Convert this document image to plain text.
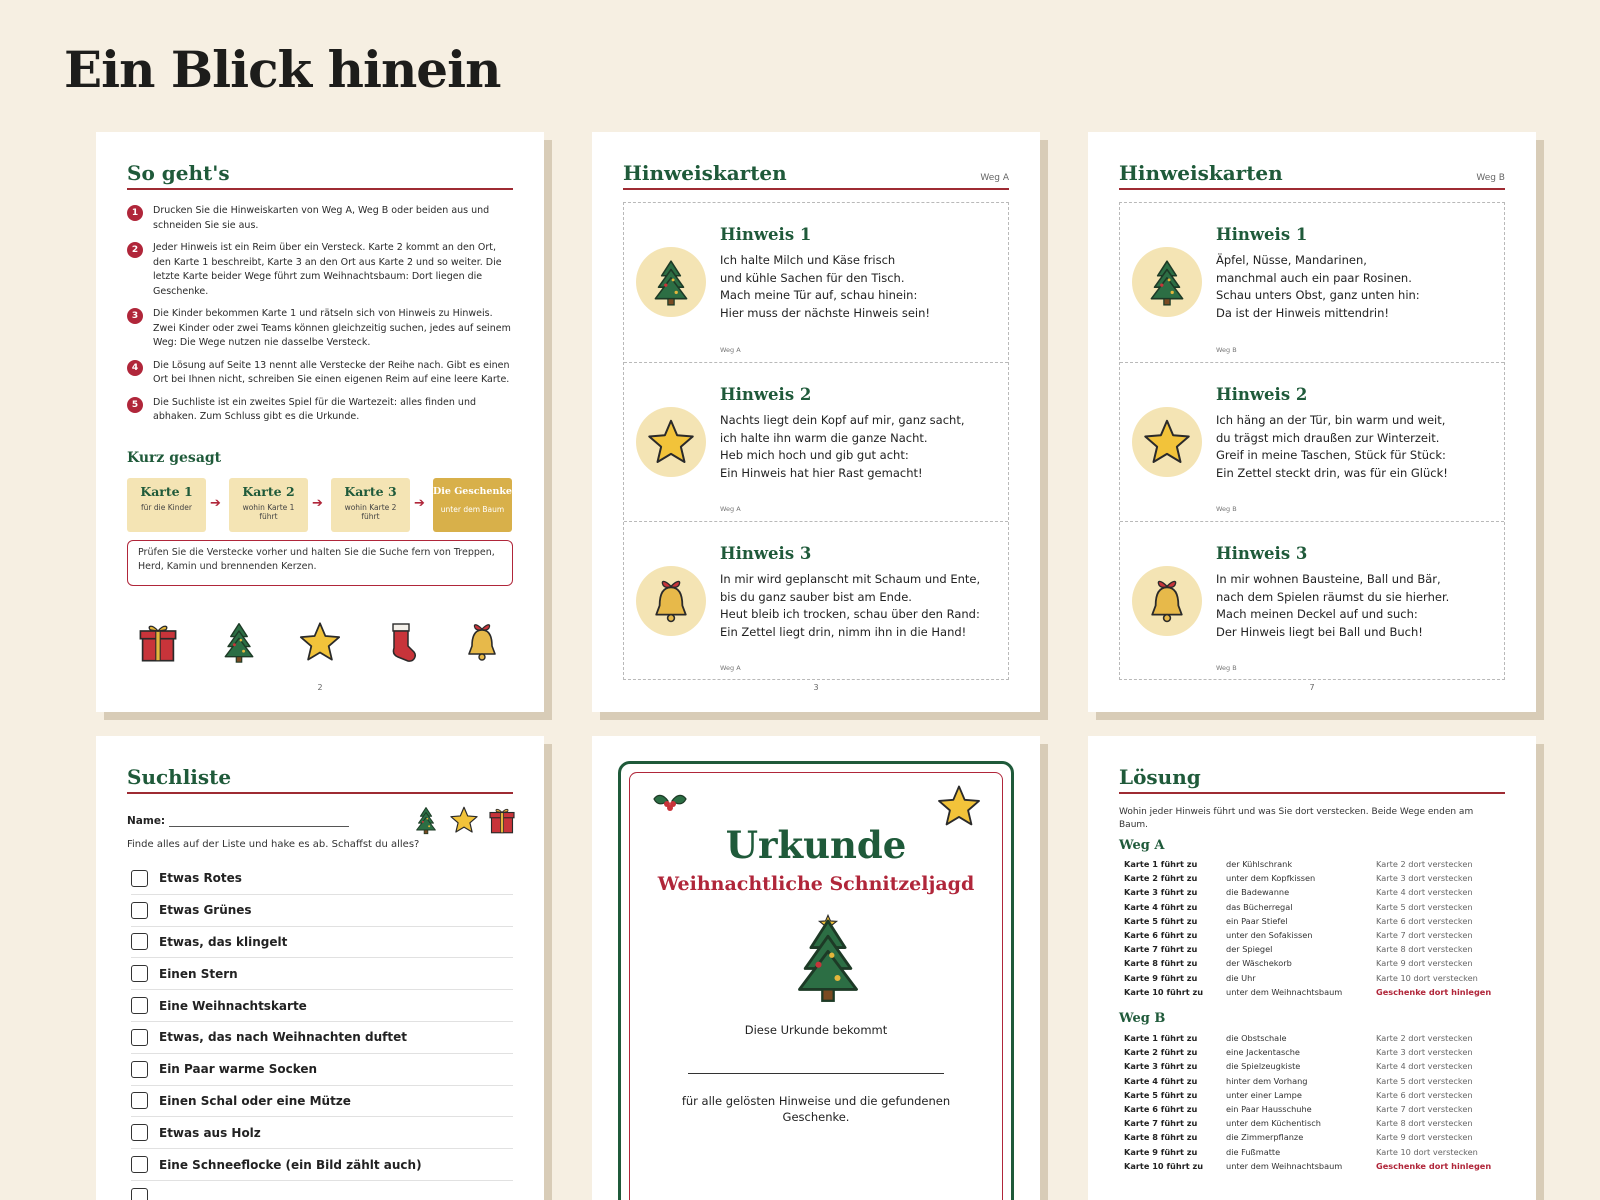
Ein Blick hinein
So geht's
1	Drucken Sie die Hinweiskarten von Weg A, Weg B oder beiden aus und schneiden Sie sie aus.
2	Jeder Hinweis ist ein Reim über ein Versteck. Karte 2 kommt an den Ort, den Karte 1 beschreibt, Karte 3 an den Ort aus Karte 2 und so weiter. Die letzte Karte beider Wege führt zum Weihnachtsbaum: Dort liegen die Geschenke.
3	Die Kinder bekommen Karte 1 und rätseln sich von Hinweis zu Hinweis. Zwei Kinder oder zwei Teams können gleichzeitig suchen, jedes auf seinem Weg: Die Wege nutzen nie dasselbe Versteck.
4	Die Lösung auf Seite 13 nennt alle Verstecke der Reihe nach. Gibt es einen Ort bei Ihnen nicht, schreiben Sie einen eigenen Reim auf eine leere Karte.
5	Die Suchliste ist ein zweites Spiel für die Wartezeit: alles finden und abhaken. Zum Schluss gibt es die Urkunde.
Kurz gesagt
Karte 1
für die Kinder	➔
Karte 2
wohin Karte 1 führt
➔
Karte 3
wohin Karte 2 führt
➔
Die Geschenke
unter dem Baum
Prüfen Sie die Verstecke vorher und halten Sie die Suche fern von Treppen, Herd, Kamin und brennenden Kerzen.
2
Hinweiskarten	Weg A
Hinweis 1
Ich halte Milch und Käse frisch
und kühle Sachen für den Tisch.
Mach meine Tür auf, schau hinein:
Hier muss der nächste Hinweis sein!
Weg A
Hinweis 2
Nachts liegt dein Kopf auf mir, ganz sacht,
ich halte ihn warm die ganze Nacht.
Heb mich hoch und gib gut acht:
Ein Hinweis hat hier Rast gemacht!
Weg A
Hinweis 3
In mir wird geplanscht mit Schaum und Ente,
bis du ganz sauber bist am Ende.
Heut bleib ich trocken, schau über den Rand:
Ein Zettel liegt drin, nimm ihn in die Hand!
Weg A
3
Hinweiskarten	Weg B
Hinweis 1
Äpfel, Nüsse, Mandarinen,
manchmal auch ein paar Rosinen.
Schau unters Obst, ganz unten hin:
Da ist der Hinweis mittendrin!
Weg B
Hinweis 2
Ich häng an der Tür, bin warm und weit,
du trägst mich draußen zur Winterzeit.
Greif in meine Taschen, Stück für Stück:
Ein Zettel steckt drin, was für ein Glück!
Weg B
Hinweis 3
In mir wohnen Bausteine, Ball und Bär,
nach dem Spielen räumst du sie hierher.
Mach meinen Deckel auf und such:
Der Hinweis liegt bei Ball und Buch!
Weg B
7
Suchliste
Name:
Finde alles auf der Liste und hake es ab. Schaffst du alles?
Etwas Rotes
Etwas Grünes
Etwas, das klingelt
Einen Stern
Eine Weihnachtskarte
Etwas, das nach Weihnachten duftet
Ein Paar warme Socken
Einen Schal oder eine Mütze
Etwas aus Holz
Eine Schneeflocke (ein Bild zählt auch)
Urkunde
Weihnachtliche Schnitzeljagd
Diese Urkunde bekommt
für alle gelösten Hinweise und die gefundenen Geschenke.
Lösung
Wohin jeder Hinweis führt und was Sie dort verstecken. Beide Wege enden am Baum.
Weg A
Karte 1 führt zu	der Kühlschrank	Karte 2 dort verstecken
Karte 2 führt zu	unter dem Kopfkissen	Karte 3 dort verstecken
Karte 3 führt zu	die Badewanne	Karte 4 dort verstecken
Karte 4 führt zu	das Bücherregal	Karte 5 dort verstecken
Karte 5 führt zu	ein Paar Stiefel	Karte 6 dort verstecken
Karte 6 führt zu	unter den Sofakissen	Karte 7 dort verstecken
Karte 7 führt zu	der Spiegel	Karte 8 dort verstecken
Karte 8 führt zu	der Wäschekorb	Karte 9 dort verstecken
Karte 9 führt zu	die Uhr	Karte 10 dort verstecken
Karte 10 führt zu	unter dem Weihnachtsbaum	Geschenke dort hinlegen
Weg B
Karte 1 führt zu	die Obstschale	Karte 2 dort verstecken
Karte 2 führt zu	eine Jackentasche	Karte 3 dort verstecken
Karte 3 führt zu	die Spielzeugkiste	Karte 4 dort verstecken
Karte 4 führt zu	hinter dem Vorhang	Karte 5 dort verstecken
Karte 5 führt zu	unter einer Lampe	Karte 6 dort verstecken
Karte 6 führt zu	ein Paar Hausschuhe	Karte 7 dort verstecken
Karte 7 führt zu	unter dem Küchentisch	Karte 8 dort verstecken
Karte 8 führt zu	die Zimmerpflanze	Karte 9 dort verstecken
Karte 9 führt zu	die Fußmatte	Karte 10 dort verstecken
Karte 10 führt zu	unter dem Weihnachtsbaum	Geschenke dort hinlegen
